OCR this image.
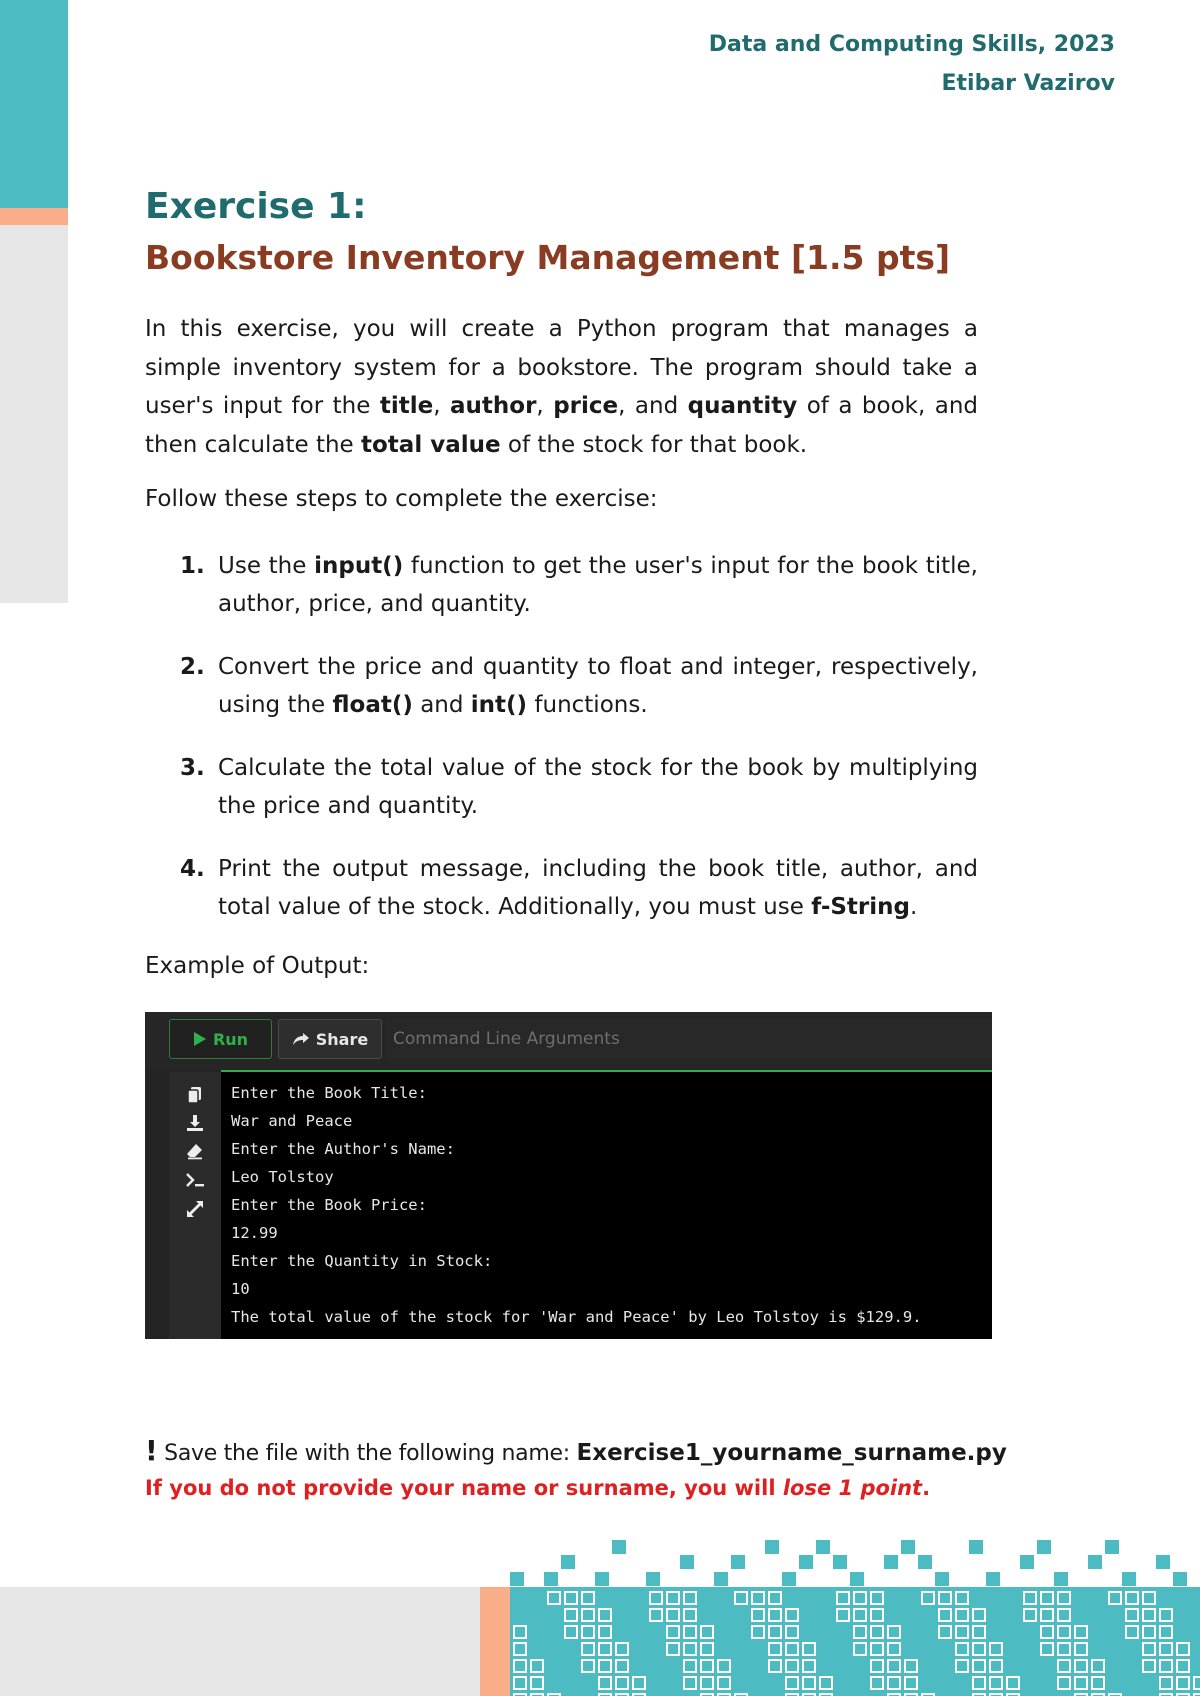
Data and Computing Skills, 2023
Etibar Vazirov
Exercise 1:
Bookstore Inventory Management [1.5 pts]
In this exercise, you will create a Python program that manages a simple inventory system for a bookstore. The program should take a user's input for the title, author, price, and quantity of a book, and then calculate the total value of the stock for that book.
Follow these steps to complete the exercise:
1. Use the input() function to get the user's input for the book title, author, price, and quantity.
2. Convert the price and quantity to float and integer, respectively, using the float() and int() functions.
3. Calculate the total value of the stock for the book by multiplying the price and quantity.
4. Print the output message, including the book title, author, and total value of the stock. Additionally, you must use f-String.
Example of Output:
Run	Share	Command Line Arguments
Enter the Book Title:
War and Peace
Enter the Author's Name:
Leo Tolstoy
Enter the Book Price:
12.99
Enter the Quantity in Stock:
10
The total value of the stock for 'War and Peace' by Leo Tolstoy is $129.9.
! Save the file with the following name: Exercise1_yourname_surname.py
If you do not provide your name or surname, you will lose 1 point.
